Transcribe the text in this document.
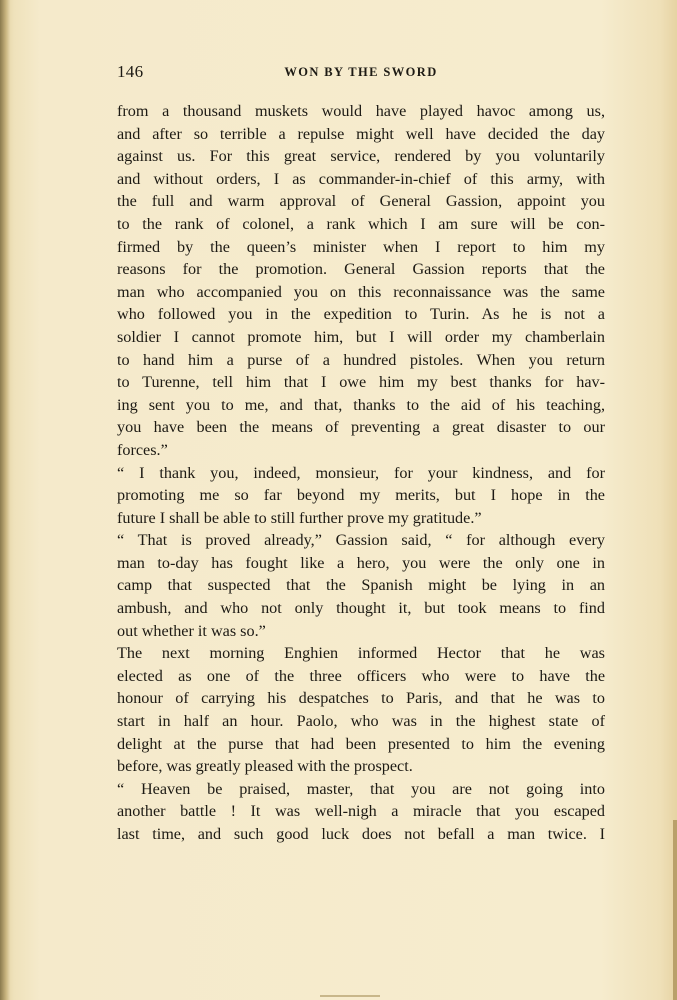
146	WON BY THE SWORD
from a thousand muskets would have played havoc among us,
and after so terrible a repulse might well have decided the day
against us. For this great service, rendered by you voluntarily
and without orders, I as commander-in-chief of this army, with
the full and warm approval of General Gassion, appoint you
to the rank of colonel, a rank which I am sure will be con-
firmed by the queen’s minister when I report to him my
reasons for the promotion. General Gassion reports that the
man who accompanied you on this reconnaissance was the same
who followed you in the expedition to Turin. As he is not a
soldier I cannot promote him, but I will order my chamberlain
to hand him a purse of a hundred pistoles. When you return
to Turenne, tell him that I owe him my best thanks for hav-
ing sent you to me, and that, thanks to the aid of his teaching,
you have been the means of preventing a great disaster to our
forces.”
“ I thank you, indeed, monsieur, for your kindness, and for
promoting me so far beyond my merits, but I hope in the
future I shall be able to still further prove my gratitude.”
“ That is proved already,” Gassion said, “ for although every
man to-day has fought like a hero, you were the only one in
camp that suspected that the Spanish might be lying in an
ambush, and who not only thought it, but took means to find
out whether it was so.”
The next morning Enghien informed Hector that he was
elected as one of the three officers who were to have the
honour of carrying his despatches to Paris, and that he was to
start in half an hour. Paolo, who was in the highest state of
delight at the purse that had been presented to him the evening
before, was greatly pleased with the prospect.
“ Heaven be praised, master, that you are not going into
another battle ! It was well-nigh a miracle that you escaped
last time, and such good luck does not befall a man twice. I
